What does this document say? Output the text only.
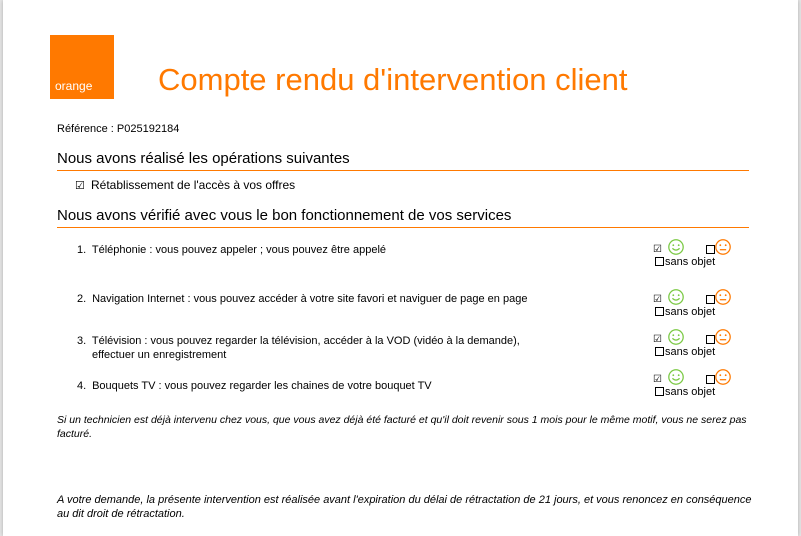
orange Compte rendu d'intervention client
Référence : P025192184
Nous avons réalisé les opérations suivantes
☑ Rétablissement de l'accès à vos offres
Nous avons vérifié avec vous le bon fonctionnement de vos services
1. Téléphonie : vous pouvez appeler ; vous pouvez être appelé
2. Navigation Internet : vous pouvez accéder à votre site favori et naviguer de page en page
3. Télévision : vous pouvez regarder la télévision, accéder à la VOD (vidéo à la demande),
effectuer un enregistrement
4. Bouquets TV : vous pouvez regarder les chaines de votre bouquet TV
☑
sans objet
☑
sans objet
☑
sans objet
☑
sans objet
Si un technicien est déjà intervenu chez vous, que vous avez déjà été facturé et qu'il doit revenir sous 1 mois pour le même motif, vous ne serez pas facturé.
A votre demande, la présente intervention est réalisée avant l'expiration du délai de rétractation de 21 jours, et vous renoncez en conséquence au dit droit de rétractation.
